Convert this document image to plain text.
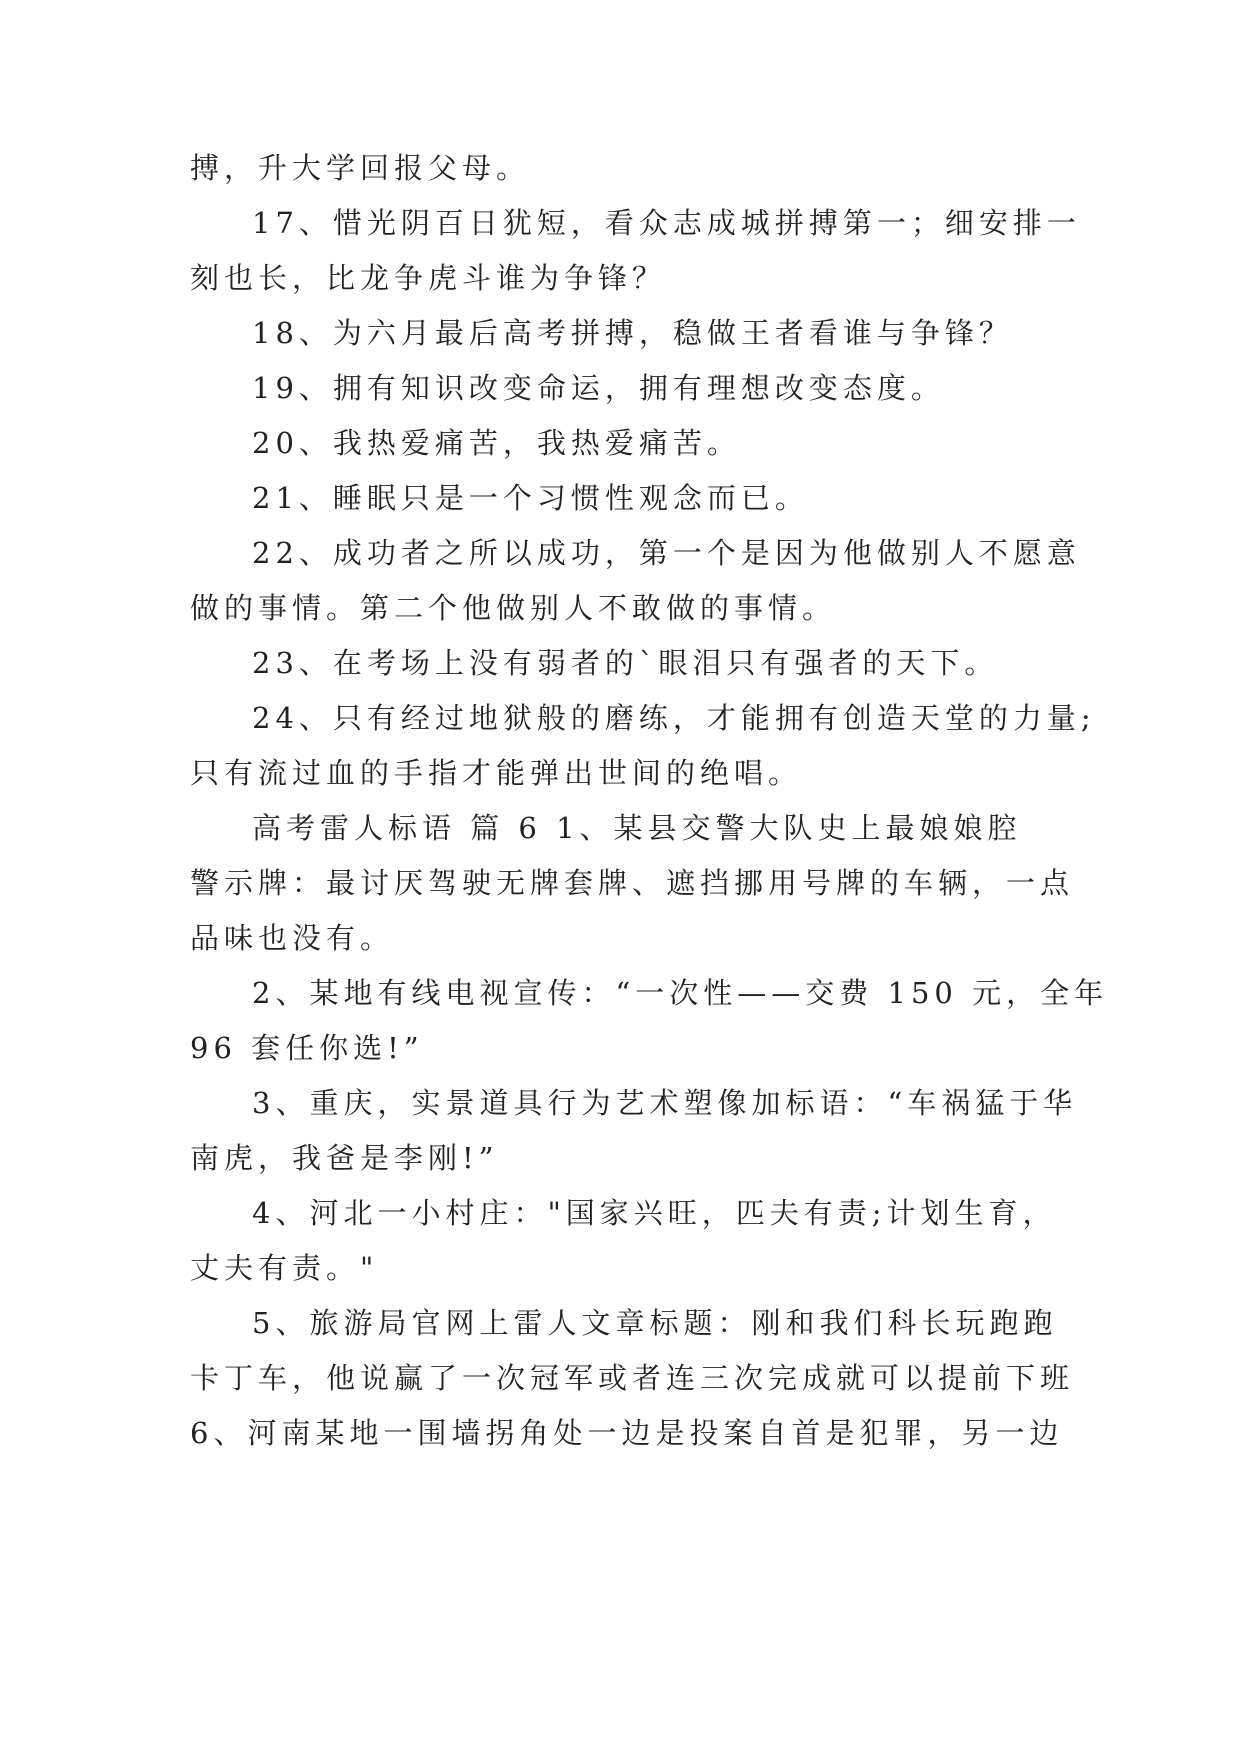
搏，升大学回报父母。
17、惜光阴百日犹短，看众志成城拼搏第一；细安排一
刻也长，比龙争虎斗谁为争锋？
18、为六月最后高考拼搏，稳做王者看谁与争锋？
19、拥有知识改变命运，拥有理想改变态度。
20、我热爱痛苦，我热爱痛苦。
21、睡眠只是一个习惯性观念而已。
22、成功者之所以成功，第一个是因为他做别人不愿意
做的事情。第二个他做别人不敢做的事情。
23、在考场上没有弱者的`眼泪只有强者的天下。
24、只有经过地狱般的磨练，才能拥有创造天堂的力量;
只有流过血的手指才能弹出世间的绝唱。
高考雷人标语 篇 6 1、某县交警大队史上最娘娘腔
警示牌：最讨厌驾驶无牌套牌、遮挡挪用号牌的车辆，一点
品味也没有。
2、某地有线电视宣传：“一次性——交费 150 元，全年
96 套任你选!”
3、重庆，实景道具行为艺术塑像加标语：“车祸猛于华
南虎，我爸是李刚!”
4、河北一小村庄："国家兴旺，匹夫有责;计划生育，
丈夫有责。"
5、旅游局官网上雷人文章标题：刚和我们科长玩跑跑
卡丁车，他说赢了一次冠军或者连三次完成就可以提前下班
6、河南某地一围墙拐角处一边是投案自首是犯罪，另一边
